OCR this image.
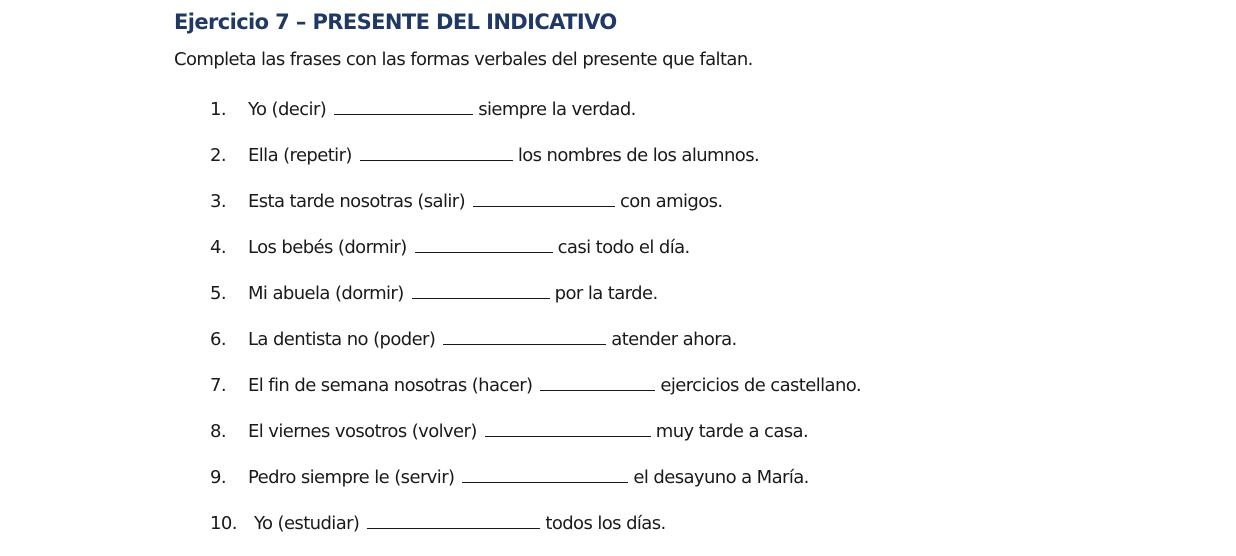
Ejercicio 7 – PRESENTE DEL INDICATIVO

Completa las frases con las formas verbales del presente que faltan.

1. Yo (decir)	siempre la verdad.
2. Ella (repetir)	los nombres de los alumnos.
3. Esta tarde nosotras (salir)	con amigos.
4. Los bebés (dormir)	casi todo el día.
5. Mi abuela (dormir)	por la tarde.
6. La dentista no (poder)	atender ahora.
7. El fin de semana nosotras (hacer)	ejercicios de castellano.
8. El viernes vosotros (volver)	muy tarde a casa.
9. Pedro siempre le (servir)	el desayuno a María.
10. Yo (estudiar)	todos los días.
